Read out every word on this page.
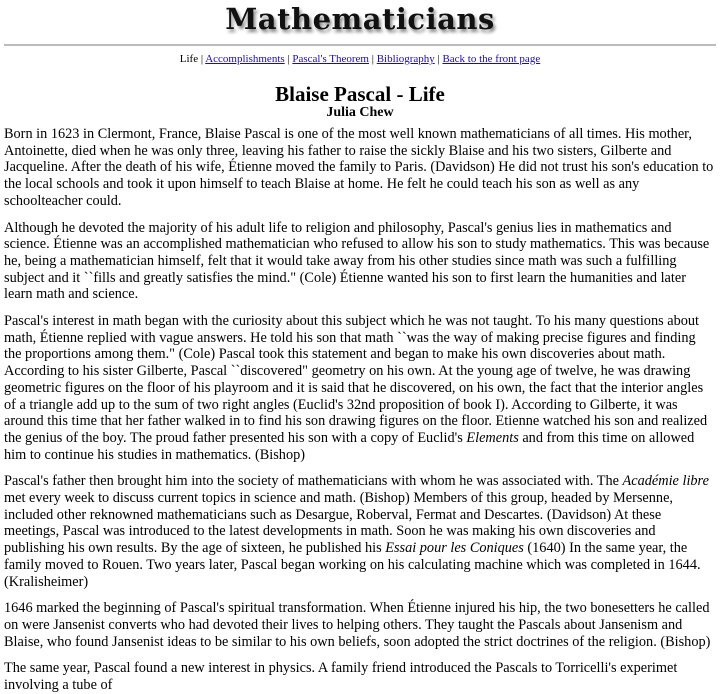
Mathematicians
Life | Accomplishments | Pascal's Theorem | Bibliography | Back to the front page
Blaise Pascal - Life
Julia Chew

Born in 1623 in Clermont, France, Blaise Pascal is one of the most well known mathematicians of all times. His mother, Antoinette, died when he was only three, leaving his father to raise the sickly Blaise and his two sisters, Gilberte and Jacqueline. After the death of his wife, Étienne moved the family to Paris. (Davidson) He did not trust his son's education to the local schools and took it upon himself to teach Blaise at home. He felt he could teach his son as well as any schoolteacher could.

Although he devoted the majority of his adult life to religion and philosophy, Pascal's genius lies in mathematics and science. Étienne was an accomplished mathematician who refused to allow his son to study mathematics. This was because he, being a mathematician himself, felt that it would take away from his other studies since math was such a fulfilling subject and it ``fills and greatly satisfies the mind." (Cole) Étienne wanted his son to first learn the humanities and later learn math and science.

Pascal's interest in math began with the curiosity about this subject which he was not taught. To his many questions about math, Étienne replied with vague answers. He told his son that math ``was the way of making precise figures and finding the proportions among them." (Cole) Pascal took this statement and began to make his own discoveries about math. According to his sister Gilberte, Pascal ``discovered" geometry on his own. At the young age of twelve, he was drawing geometric figures on the floor of his playroom and it is said that he discovered, on his own, the fact that the interior angles of a triangle add up to the sum of two right angles (Euclid's 32nd proposition of book I). According to Gilberte, it was around this time that her father walked in to find his son drawing figures on the floor. Etienne watched his son and realized the genius of the boy. The proud father presented his son with a copy of Euclid's Elements and from this time on allowed him to continue his studies in mathematics. (Bishop)

Pascal's father then brought him into the society of mathematicians with whom he was associated with. The Académie libre met every week to discuss current topics in science and math. (Bishop) Members of this group, headed by Mersenne, included other reknowned mathematicians such as Desargue, Roberval, Fermat and Descartes. (Davidson) At these meetings, Pascal was introduced to the latest developments in math. Soon he was making his own discoveries and publishing his own results. By the age of sixteen, he published his Essai pour les Coniques (1640) In the same year, the family moved to Rouen. Two years later, Pascal began working on his calculating machine which was completed in 1644. (Kralisheimer)

1646 marked the beginning of Pascal's spiritual transformation. When Étienne injured his hip, the two bonesetters he called on were Jansenist converts who had devoted their lives to helping others. They taught the Pascals about Jansenism and Blaise, who found Jansenist ideas to be similar to his own beliefs, soon adopted the strict doctrines of the religion. (Bishop)

The same year, Pascal found a new interest in physics. A family friend introduced the Pascals to Torricelli's experimet involving a tube of
